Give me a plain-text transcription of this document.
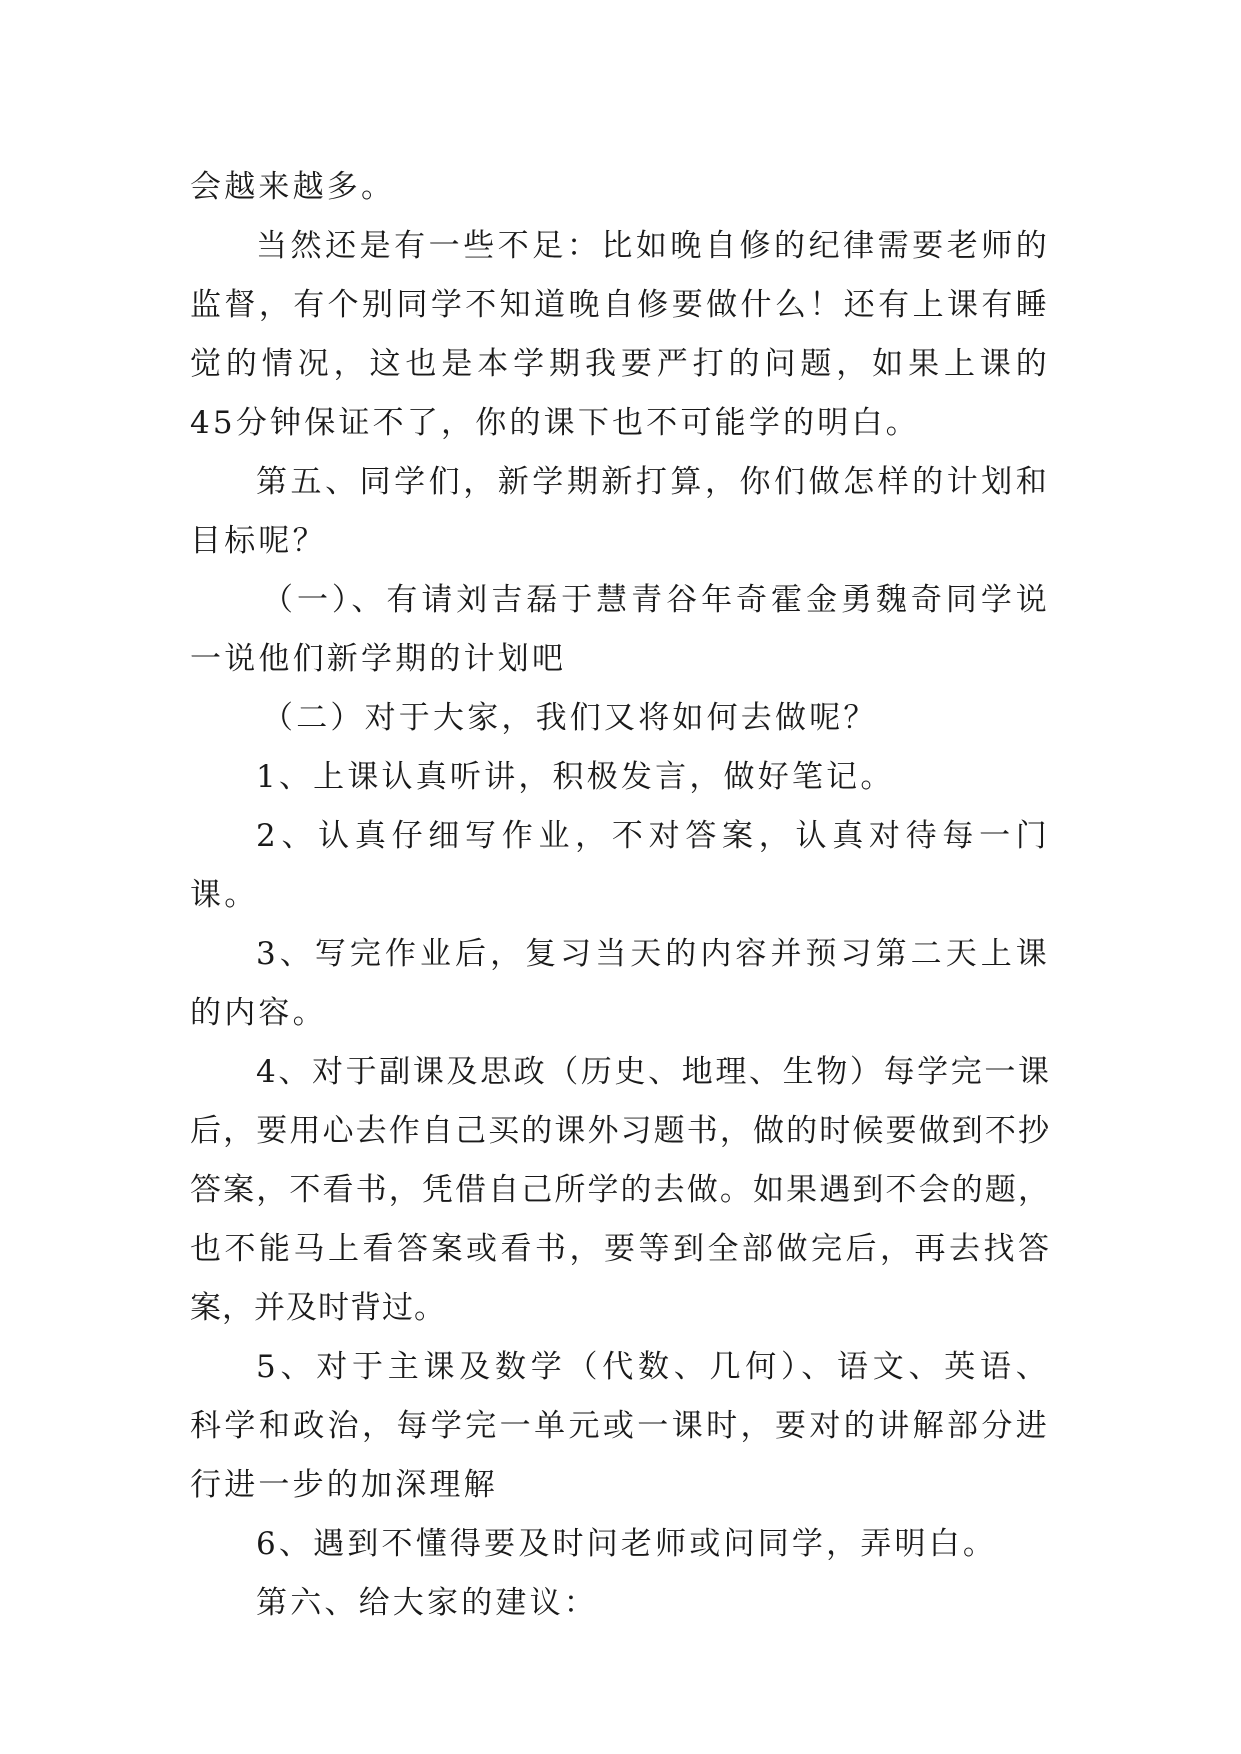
会越来越多。

当然还是有一些不足：比如晚自修的纪律需要老师的监督，有个别同学不知道晚自修要做什么！还有上课有睡觉的情况，这也是本学期我要严打的问题，如果上课的45分钟保证不了，你的课下也不可能学的明白。

第五、同学们，新学期新打算，你们做怎样的计划和目标呢？

（一）、有请刘吉磊于慧青谷年奇霍金勇魏奇同学说一说他们新学期的计划吧

（二）对于大家，我们又将如何去做呢？

1、上课认真听讲，积极发言，做好笔记。

2、认真仔细写作业，不对答案，认真对待每一门课。

3、写完作业后，复习当天的内容并预习第二天上课的内容。

4、对于副课及思政（历史、地理、生物）每学完一课后，要用心去作自己买的课外习题书，做的时候要做到不抄答案，不看书，凭借自己所学的去做。如果遇到不会的题，也不能马上看答案或看书，要等到全部做完后，再去找答案，并及时背过。

5、对于主课及数学（代数、几何）、语文、英语、科学和政治，每学完一单元或一课时，要对的讲解部分进行进一步的加深理解

6、遇到不懂得要及时问老师或问同学，弄明白。

第六、给大家的建议：
